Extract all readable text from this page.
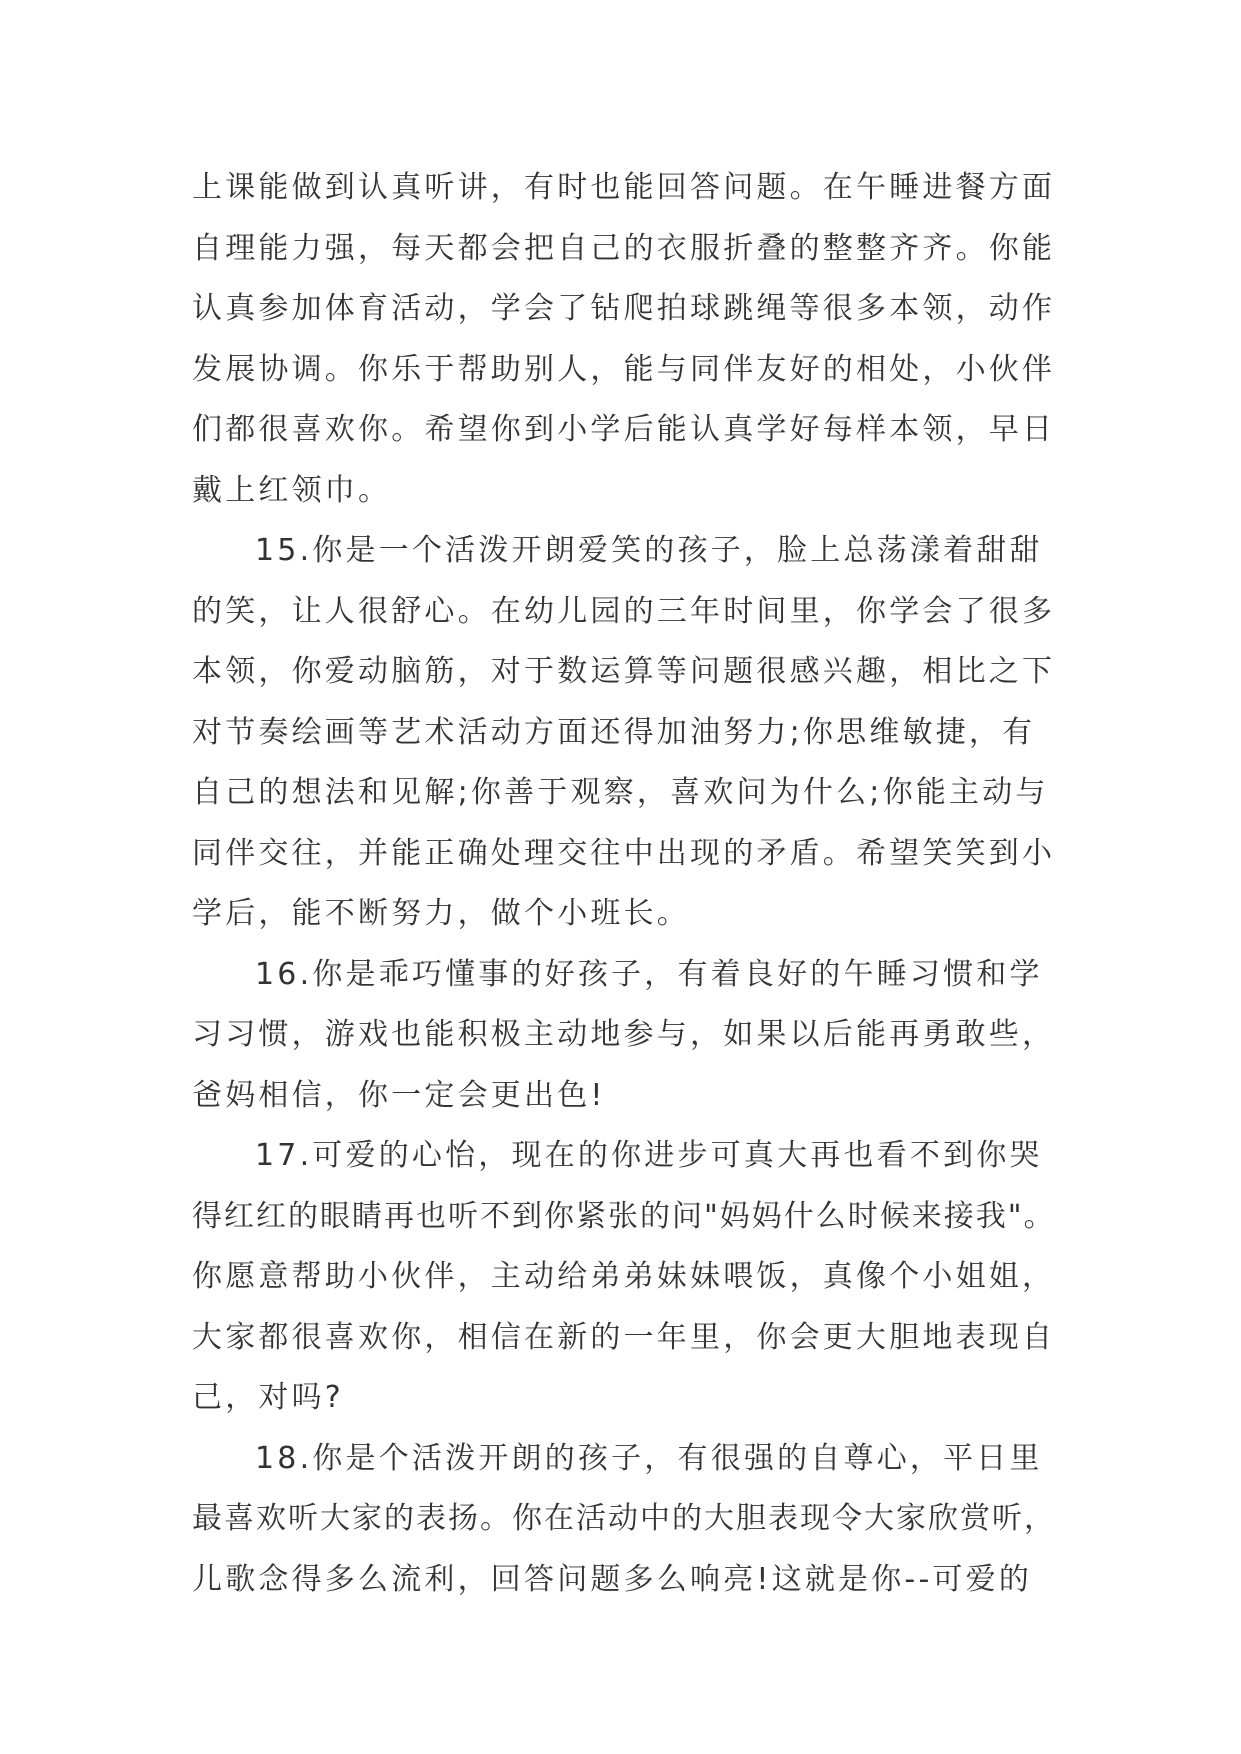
上课能做到认真听讲，有时也能回答问题。在午睡进餐方面
自理能力强，每天都会把自己的衣服折叠的整整齐齐。你能
认真参加体育活动，学会了钻爬拍球跳绳等很多本领，动作
发展协调。你乐于帮助别人，能与同伴友好的相处，小伙伴
们都很喜欢你。希望你到小学后能认真学好每样本领，早日
戴上红领巾。
15.你是一个活泼开朗爱笑的孩子，脸上总荡漾着甜甜
的笑，让人很舒心。在幼儿园的三年时间里，你学会了很多
本领，你爱动脑筋，对于数运算等问题很感兴趣，相比之下
对节奏绘画等艺术活动方面还得加油努力;你思维敏捷，有
自己的想法和见解;你善于观察，喜欢问为什么;你能主动与
同伴交往，并能正确处理交往中出现的矛盾。希望笑笑到小
学后，能不断努力，做个小班长。
16.你是乖巧懂事的好孩子，有着良好的午睡习惯和学
习习惯，游戏也能积极主动地参与，如果以后能再勇敢些，
爸妈相信，你一定会更出色!
17.可爱的心怡，现在的你进步可真大再也看不到你哭
得红红的眼睛再也听不到你紧张的问"妈妈什么时候来接我"。
你愿意帮助小伙伴，主动给弟弟妹妹喂饭，真像个小姐姐，
大家都很喜欢你，相信在新的一年里，你会更大胆地表现自
己，对吗?
18.你是个活泼开朗的孩子，有很强的自尊心，平日里
最喜欢听大家的表扬。你在活动中的大胆表现令大家欣赏听，
儿歌念得多么流利，回答问题多么响亮!这就是你--可爱的
